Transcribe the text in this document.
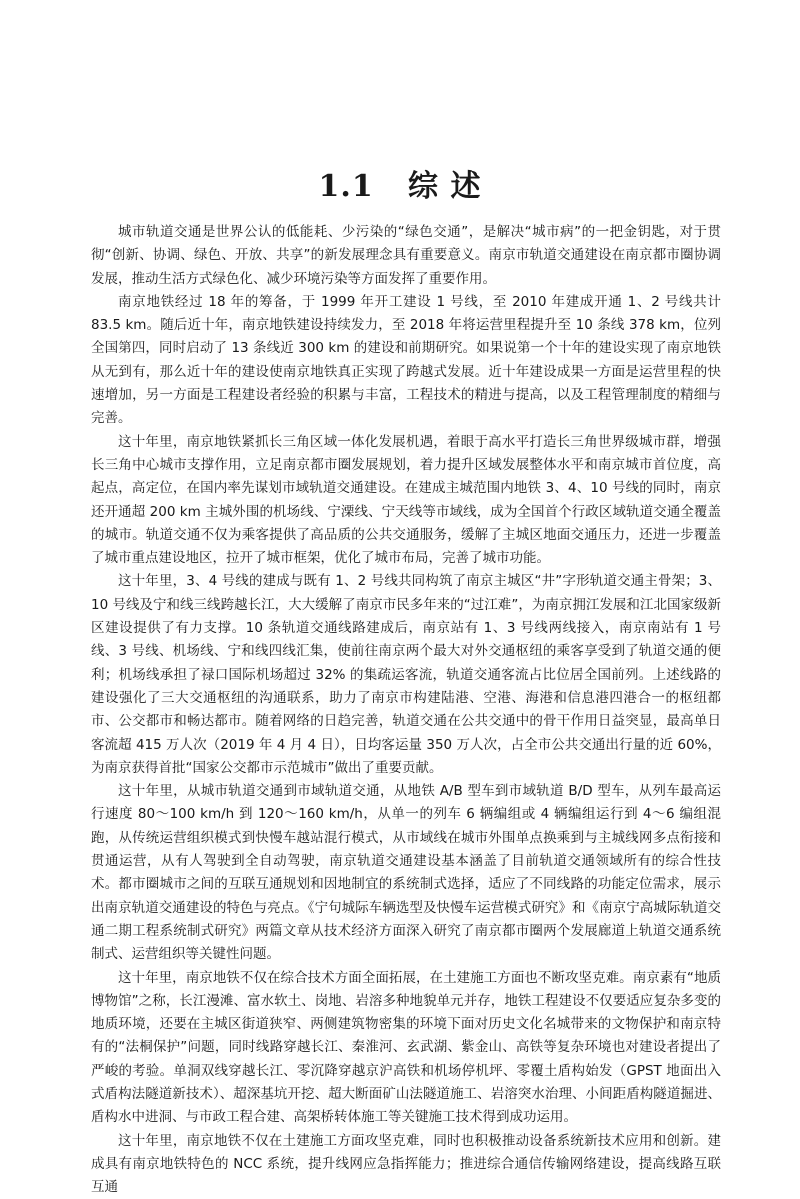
1.1 综 述

城市轨道交通是世界公认的低能耗、少污染的“绿色交通”，是解决“城市病”的一把金钥匙，对于贯彻“创新、协调、绿色、开放、共享”的新发展理念具有重要意义。南京市轨道交通建设在南京都市圈协调发展，推动生活方式绿色化、减少环境污染等方面发挥了重要作用。

南京地铁经过 18 年的筹备，于 1999 年开工建设 1 号线，至 2010 年建成开通 1、2 号线共计 83.5 km。随后近十年，南京地铁建设持续发力，至 2018 年将运营里程提升至 10 条线 378 km，位列全国第四，同时启动了 13 条线近 300 km 的建设和前期研究。如果说第一个十年的建设实现了南京地铁从无到有，那么近十年的建设使南京地铁真正实现了跨越式发展。近十年建设成果一方面是运营里程的快速增加，另一方面是工程建设者经验的积累与丰富，工程技术的精进与提高，以及工程管理制度的精细与完善。

这十年里，南京地铁紧抓长三角区域一体化发展机遇，着眼于高水平打造长三角世界级城市群，增强长三角中心城市支撑作用，立足南京都市圈发展规划，着力提升区域发展整体水平和南京城市首位度，高起点，高定位，在国内率先谋划市域轨道交通建设。在建成主城范围内地铁 3、4、10 号线的同时，南京还开通超 200 km 主城外围的机场线、宁溧线、宁天线等市域线，成为全国首个行政区域轨道交通全覆盖的城市。轨道交通不仅为乘客提供了高品质的公共交通服务，缓解了主城区地面交通压力，还进一步覆盖了城市重点建设地区，拉开了城市框架，优化了城市布局，完善了城市功能。

这十年里，3、4 号线的建成与既有 1、2 号线共同构筑了南京主城区“井”字形轨道交通主骨架；3、10 号线及宁和线三线跨越长江，大大缓解了南京市民多年来的“过江难”，为南京拥江发展和江北国家级新区建设提供了有力支撑。10 条轨道交通线路建成后，南京站有 1、3 号线两线接入，南京南站有 1 号线、3 号线、机场线、宁和线四线汇集，使前往南京两个最大对外交通枢纽的乘客享受到了轨道交通的便利；机场线承担了禄口国际机场超过 32% 的集疏运客流，轨道交通客流占比位居全国前列。上述线路的建设强化了三大交通枢纽的沟通联系，助力了南京市构建陆港、空港、海港和信息港四港合一的枢纽都市、公交都市和畅达都市。随着网络的日趋完善，轨道交通在公共交通中的骨干作用日益突显，最高单日客流超 415 万人次（2019 年 4 月 4 日），日均客运量 350 万人次，占全市公共交通出行量的近 60%，为南京获得首批“国家公交都市示范城市”做出了重要贡献。

这十年里，从城市轨道交通到市域轨道交通，从地铁 A/B 型车到市域轨道 B/D 型车，从列车最高运行速度 80～100 km/h 到 120～160 km/h，从单一的列车 6 辆编组或 4 辆编组运行到 4～6 编组混跑，从传统运营组织模式到快慢车越站混行模式，从市域线在城市外围单点换乘到与主城线网多点衔接和贯通运营，从有人驾驶到全自动驾驶，南京轨道交通建设基本涵盖了目前轨道交通领域所有的综合性技术。都市圈城市之间的互联互通规划和因地制宜的系统制式选择，适应了不同线路的功能定位需求，展示出南京轨道交通建设的特色与亮点。《宁句城际车辆选型及快慢车运营模式研究》和《南京宁高城际轨道交通二期工程系统制式研究》两篇文章从技术经济方面深入研究了南京都市圈两个发展廊道上轨道交通系统制式、运营组织等关键性问题。

这十年里，南京地铁不仅在综合技术方面全面拓展，在土建施工方面也不断攻坚克难。南京素有“地质博物馆”之称，长江漫滩、富水软土、岗地、岩溶多种地貌单元并存，地铁工程建设不仅要适应复杂多变的地质环境，还要在主城区街道狭窄、两侧建筑物密集的环境下面对历史文化名城带来的文物保护和南京特有的“法桐保护”问题，同时线路穿越长江、秦淮河、玄武湖、紫金山、高铁等复杂环境也对建设者提出了严峻的考验。单洞双线穿越长江、零沉降穿越京沪高铁和机场停机坪、零覆土盾构始发（GPST 地面出入式盾构法隧道新技术）、超深基坑开挖、超大断面矿山法隧道施工、岩溶突水治理、小间距盾构隧道掘进、盾构水中进洞、与市政工程合建、高架桥转体施工等关键施工技术得到成功运用。

这十年里，南京地铁不仅在土建施工方面攻坚克难，同时也积极推动设备系统新技术应用和创新。建成具有南京地铁特色的 NCC 系统，提升线网应急指挥能力；推进综合通信传输网络建设，提高线路互联互通
